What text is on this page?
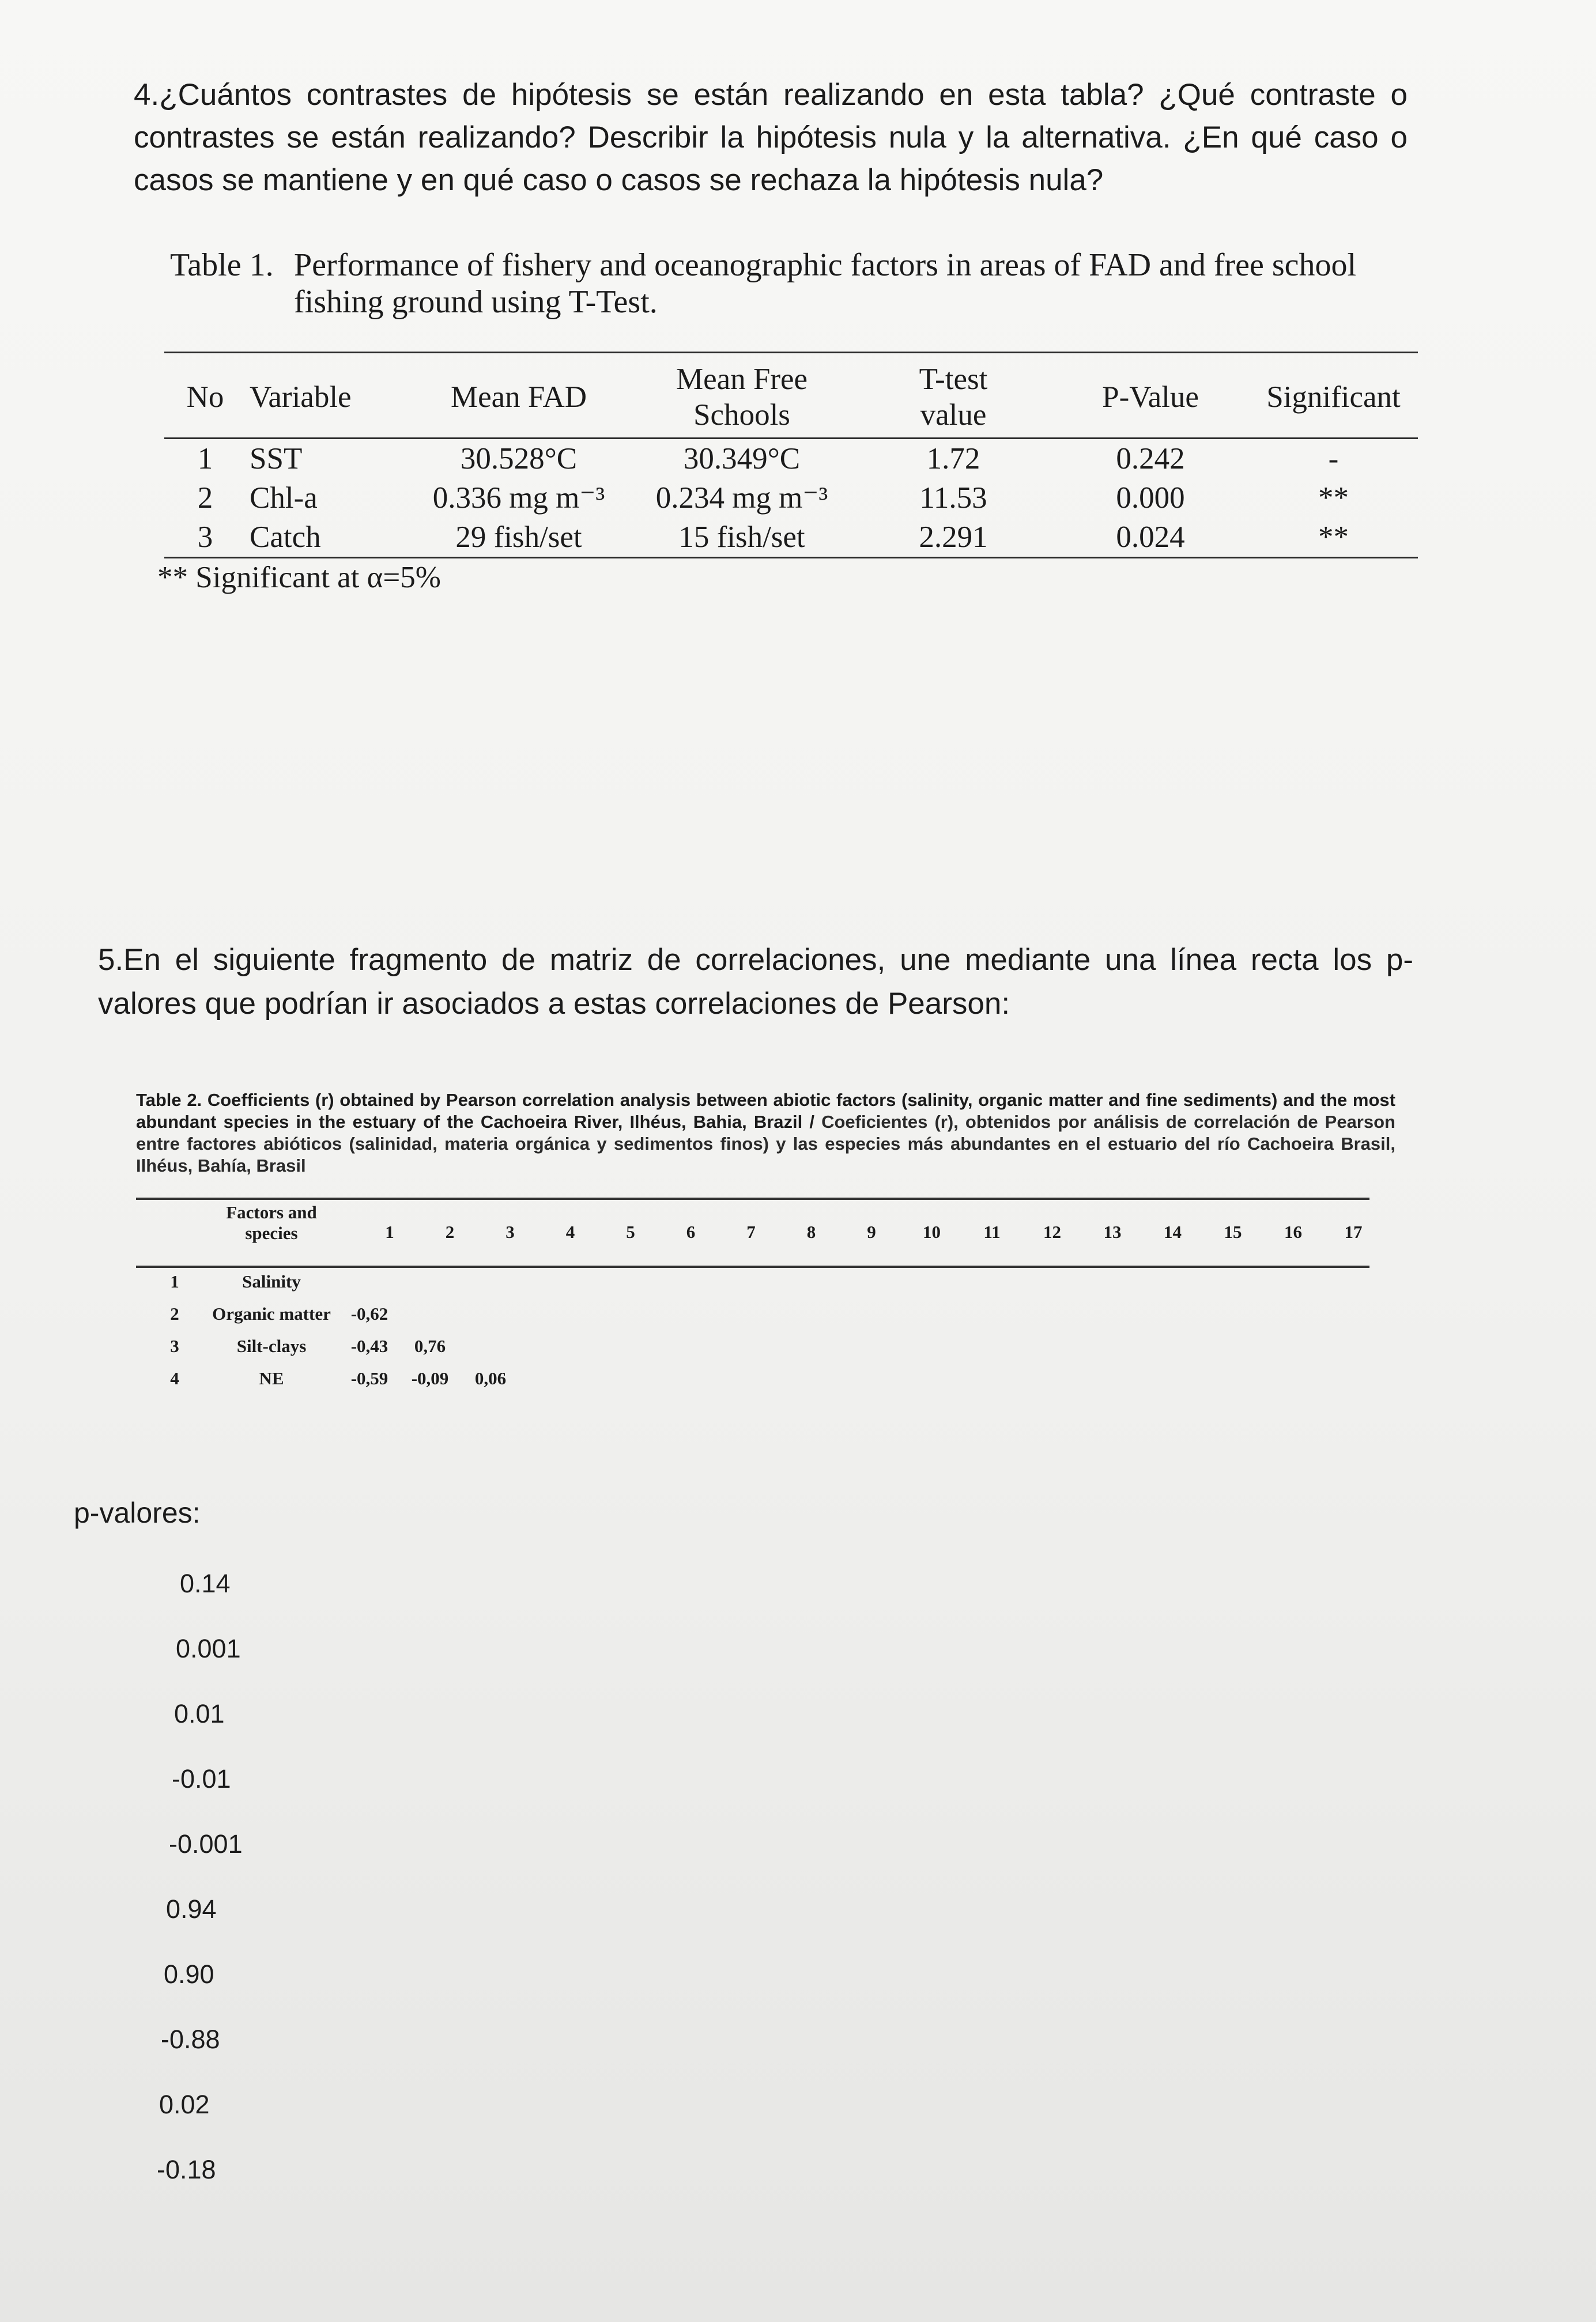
4.¿Cuántos contrastes de hipótesis se están realizando en esta tabla? ¿Qué contraste o contrastes se están realizando? Describir la hipótesis nula y la alternativa. ¿En qué caso o casos se mantiene y en qué caso o casos se rechaza la hipótesis nula?
Table 1. Performance of fishery and oceanographic factors in areas of FAD and free school
fishing ground using T-Test.
No	Variable	Mean FAD	Mean Free Schools	T-test value	P-Value	Significant
1	SST	30.528°C	30.349°C	1.72	0.242	-
2	Chl-a	0.336 mg m⁻³	0.234 mg m⁻³	11.53	0.000	**
3	Catch	29 fish/set	15 fish/set	2.291	0.024	**
** Significant at α=5%
5.En el siguiente fragmento de matriz de correlaciones, une mediante una línea recta los p-valores que podrían ir asociados a estas correlaciones de Pearson:
Table 2. Coefficients (r) obtained by Pearson correlation analysis between abiotic factors (salinity, organic matter and fine sediments) and the most abundant species in the estuary of the Cachoeira River, Ilhéus, Bahia, Brazil / Coeficientes (r), obtenidos por análisis de correlación de Pearson entre factores abióticos (salinidad, materia orgánica y sedimentos finos) y las especies más abundantes en el estuario del río Cachoeira Brasil, Ilhéus, Bahía, Brasil
Factors and species	1	2	3	4	5	6	7	8	9	10 11 12 13 14 15 16 17
1	Salinity
2	Organic matter	-0,62
3	Silt-clays	-0,43	0,76
4	NE	-0,59	-0,09	0,06
p-valores:
0.14
0.001
0.01
-0.01
-0.001
0.94
0.90
-0.88
0.02
-0.18
